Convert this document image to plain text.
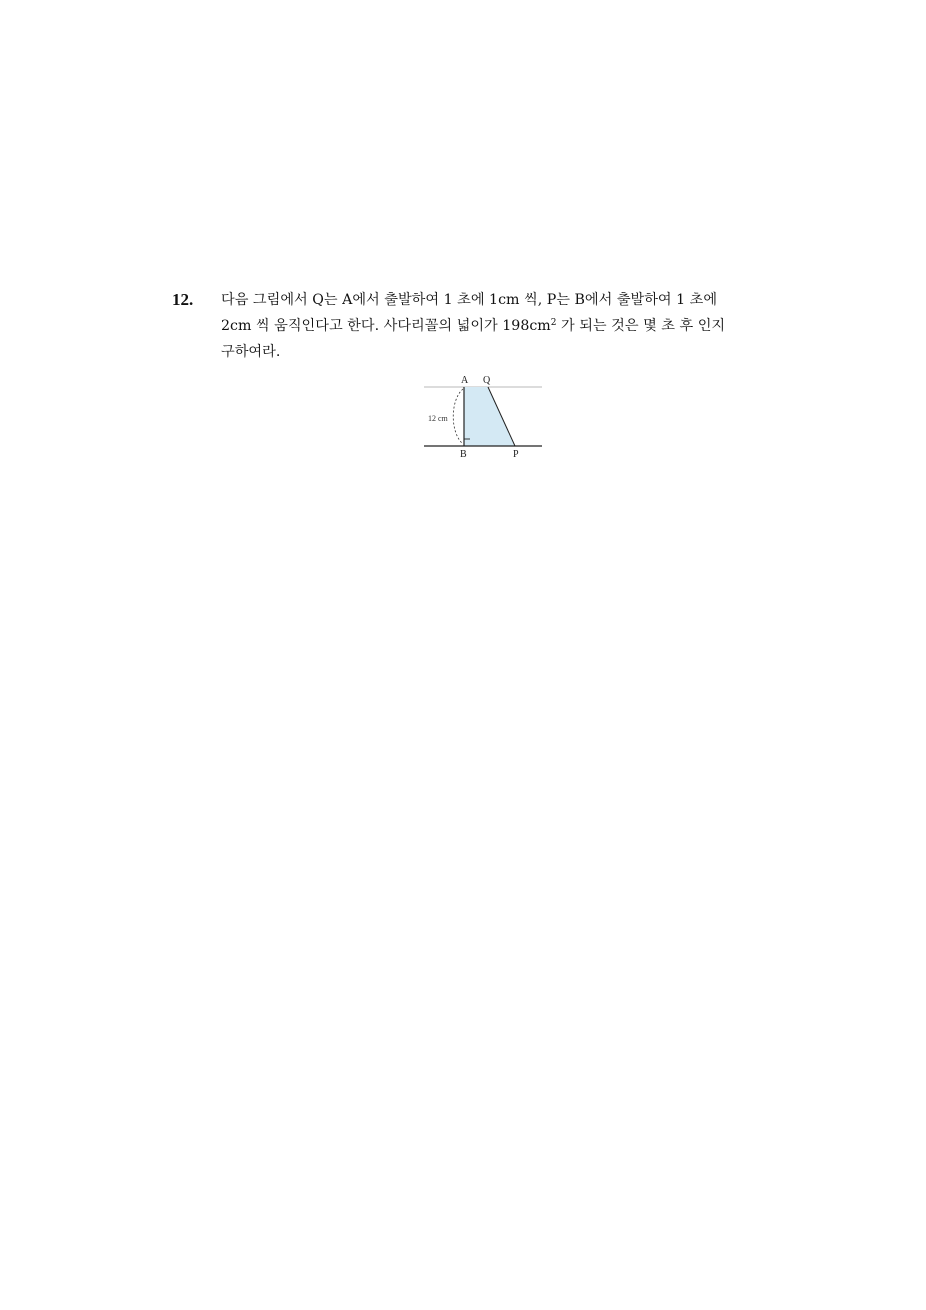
12. 다음 그림에서 Q는 A에서 출발하여 1 초에 1cm 씩, P는 B에서 출발하여 1 초에
2cm 씩 움직인다고 한다. 사다리꼴의 넓이가 $198cm^2$ 가 되는 것은 몇 초 후 인지
구하여라.
A Q
B	P
12 cm
